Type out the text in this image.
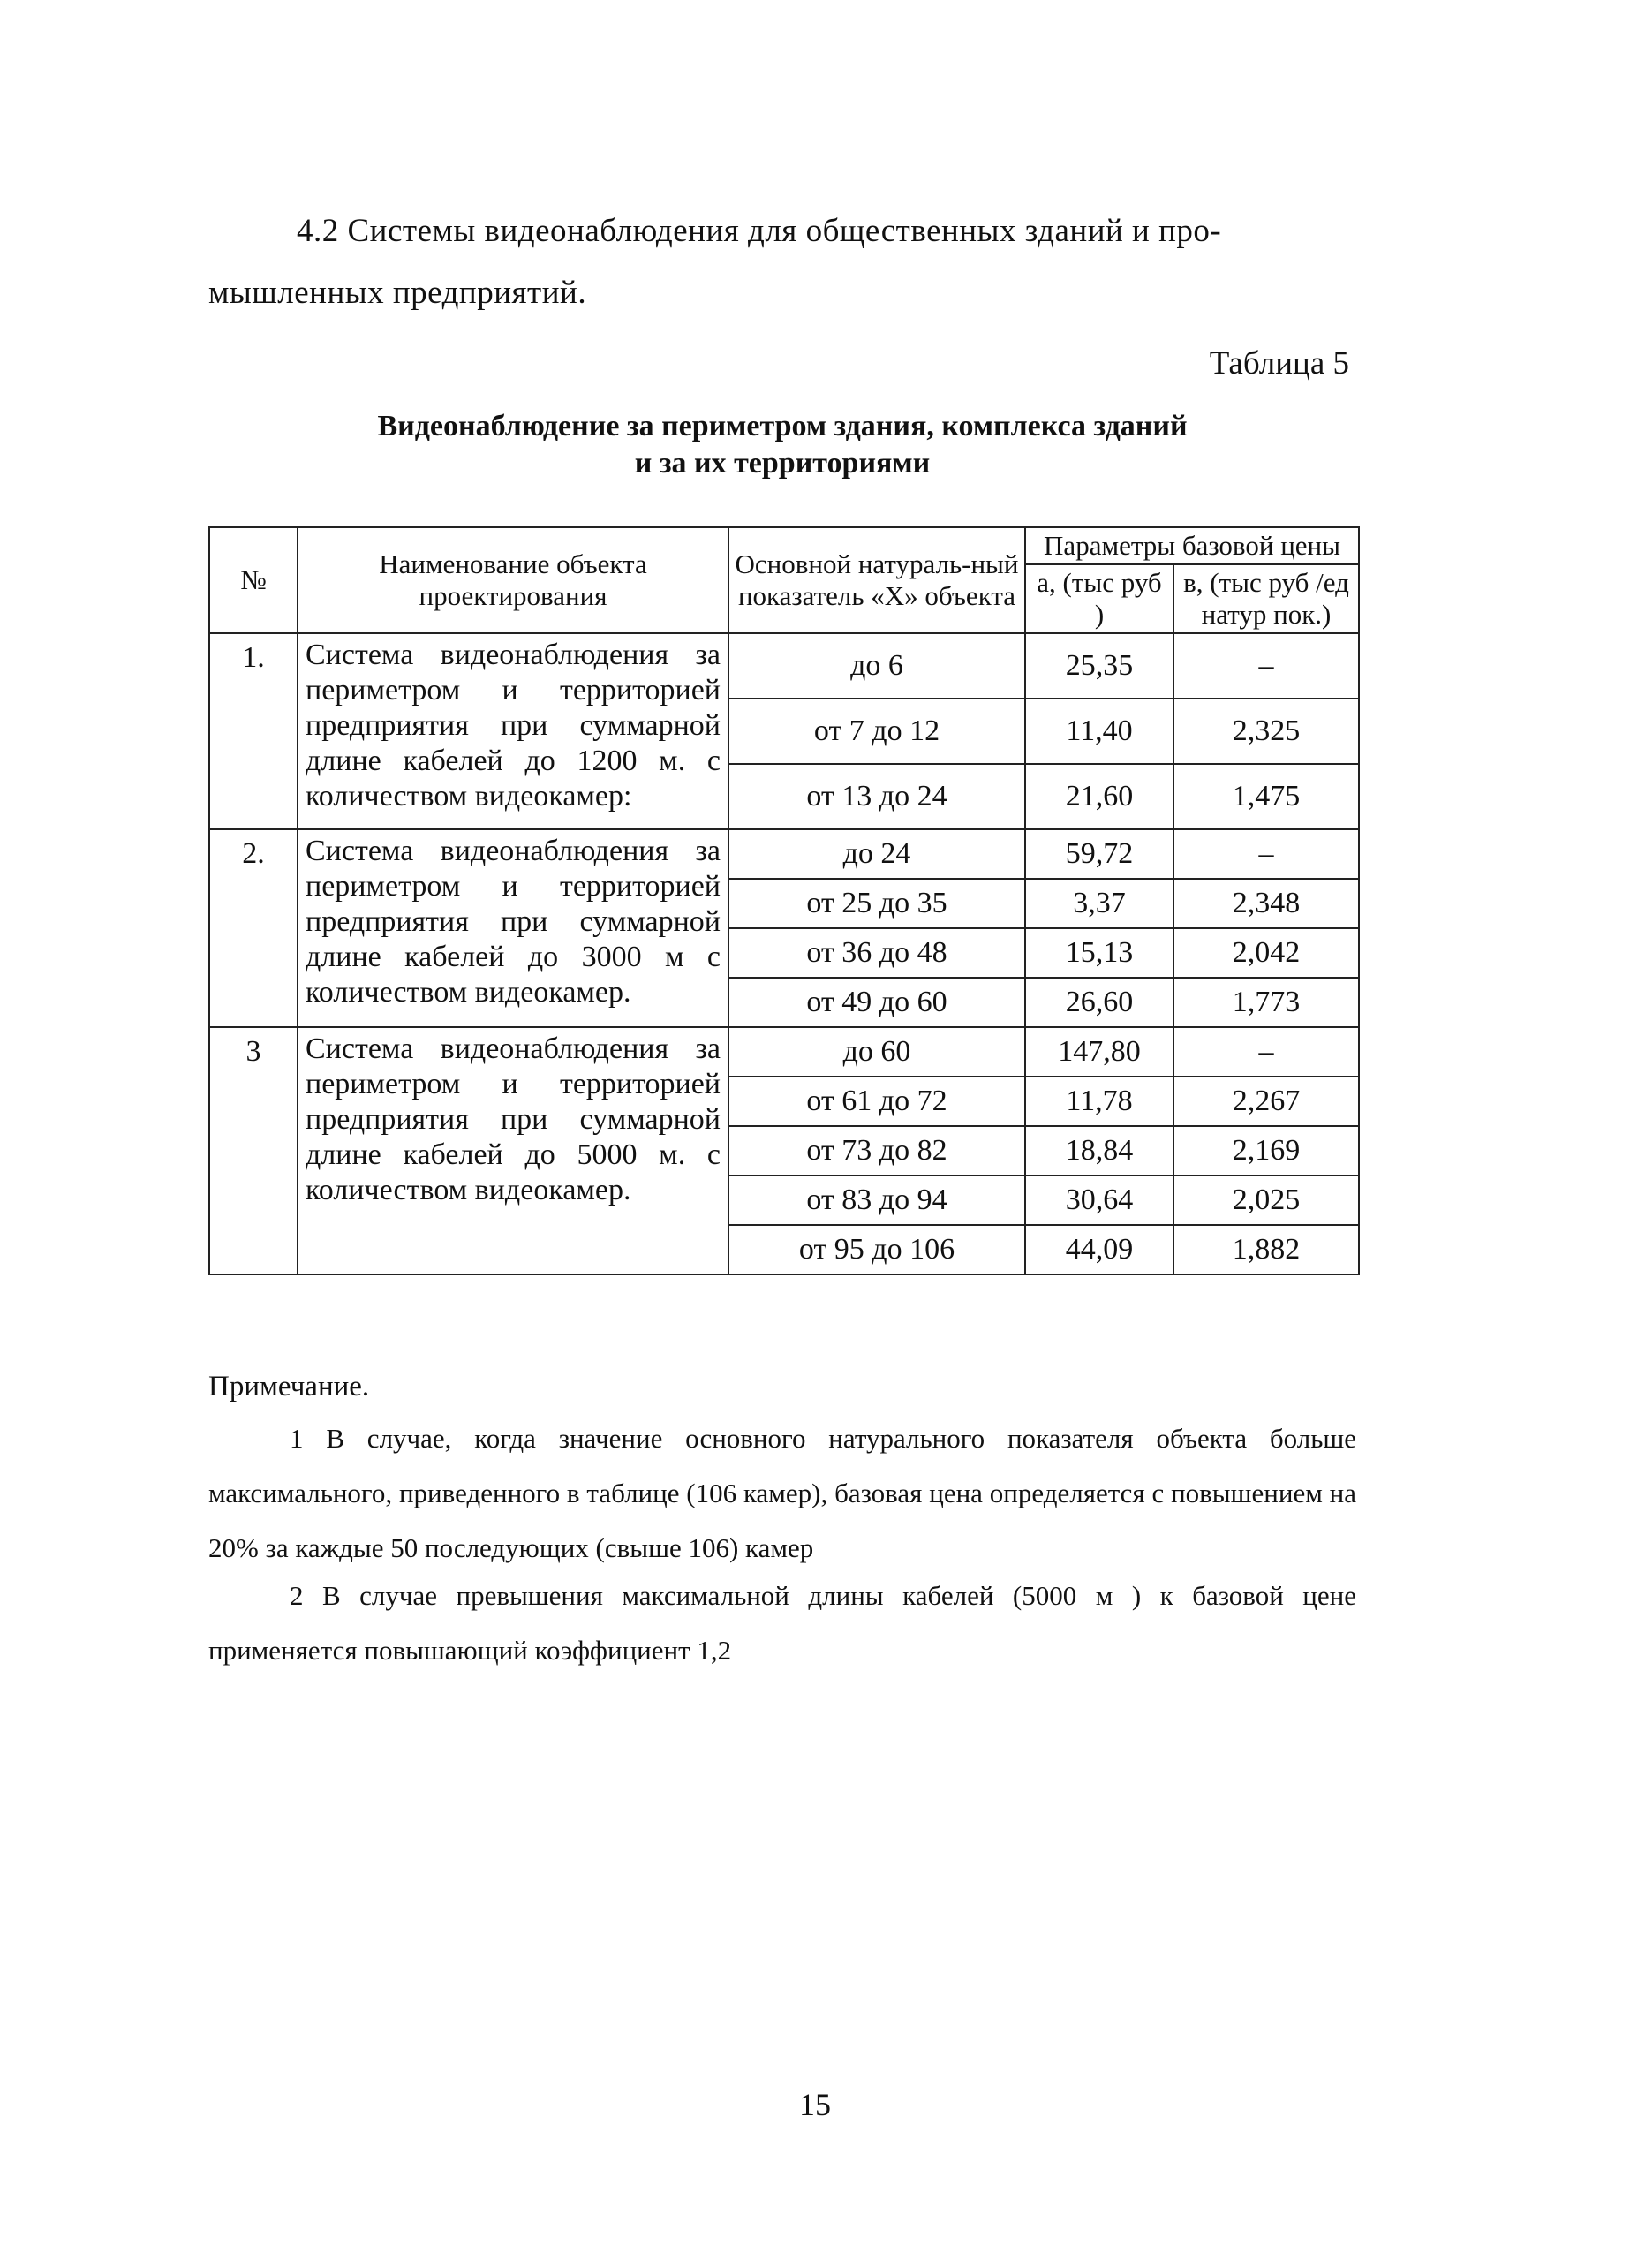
4.2 Системы видеонаблюдения для общественных зданий и про-
мышленных предприятий.
Таблица 5
Видеонаблюдение за периметром здания, комплекса зданий
и за их территориями
№	Наименование объекта проектирования	Основной натураль-ный показатель «X» объекта	Параметры базовой цены	
			а, (тыс руб )	в, (тыс руб /ед натур пок.)
1.	Система видеонаблюдения за периметром и территорией предприятия при суммарной длине кабелей до 1200 м. с количеством видеокамер:	до 6	25,35	–
		от 7 до 12	11,40	2,325
		от 13 до 24	21,60	1,475
2.	Система видеонаблюдения за периметром и территорией предприятия при суммарной длине кабелей до 3000 м с количеством видеокамер.	до 24	59,72	–
		от 25 до 35	3,37	2,348
		от 36 до 48	15,13	2,042
		от 49 до 60	26,60	1,773
3	Система видеонаблюдения за периметром и территорией предприятия при суммарной длине кабелей до 5000 м. с количеством видеокамер.	до 60	147,80	–
		от 61 до 72	11,78	2,267
		от 73 до 82	18,84	2,169
		от 83 до 94	30,64	2,025
		от 95 до 106	44,09	1,882
Примечание.
1 В случае, когда значение основного натурального показателя объекта больше максимального, приведенного в таблице (106 камер), базовая цена определяется с повышением на 20% за каждые 50 последующих (свыше 106) камер
2 В случае превышения максимальной длины кабелей (5000 м ) к базовой цене применяется повышающий коэффициент 1,2
15
